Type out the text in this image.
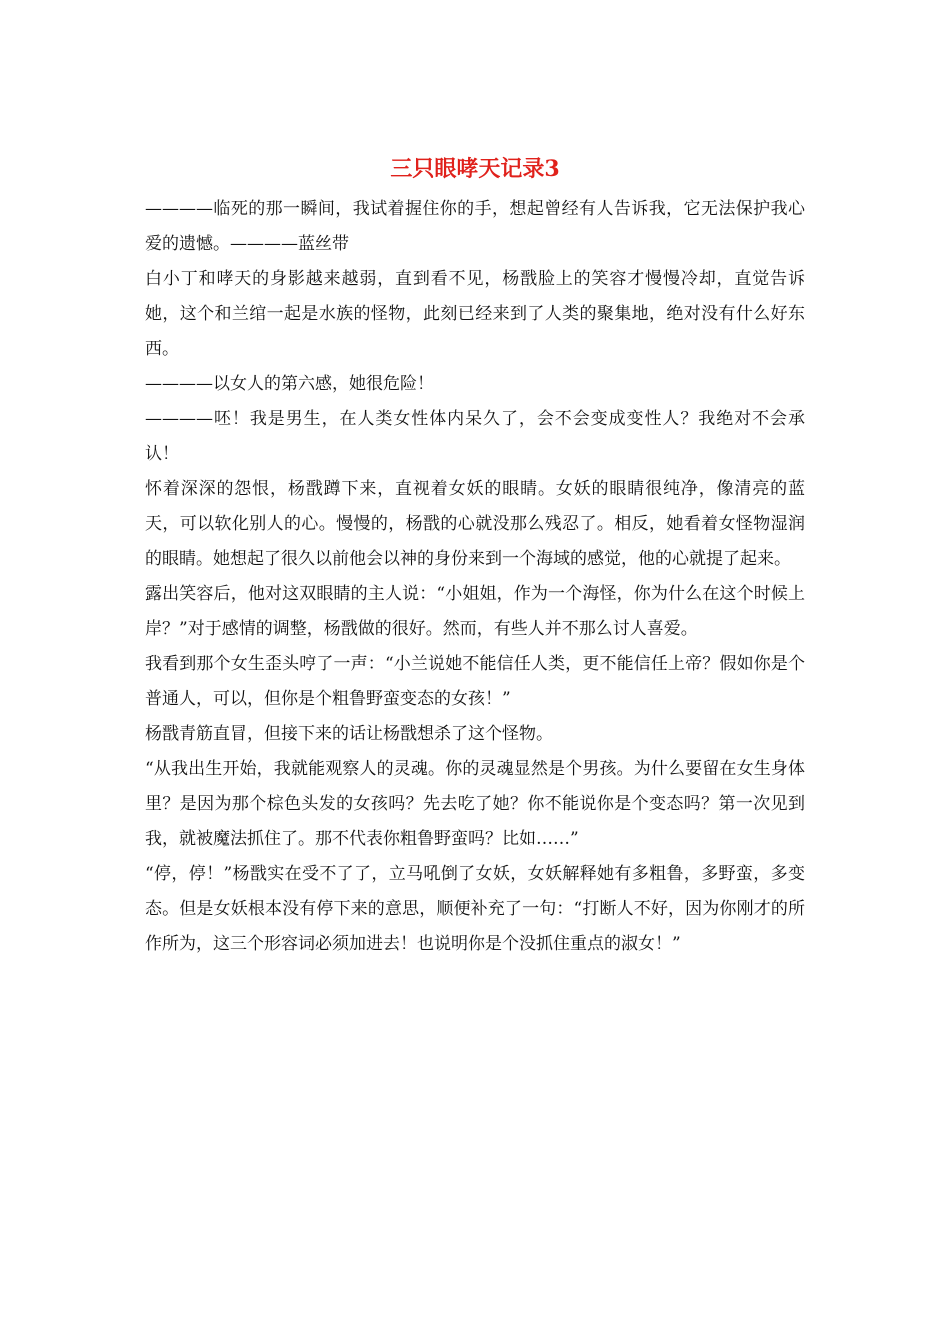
三只眼哮天记录3

————临死的那一瞬间，我试着握住你的手，想起曾经有人告诉我，它无法保护我心爱的遗憾。————蓝丝带

白小丁和哮天的身影越来越弱，直到看不见，杨戬脸上的笑容才慢慢冷却，直觉告诉她，这个和兰绾一起是水族的怪物，此刻已经来到了人类的聚集地，绝对没有什么好东西。

————以女人的第六感，她很危险！

————呸！我是男生，在人类女性体内呆久了，会不会变成变性人？我绝对不会承认！

怀着深深的怨恨，杨戬蹲下来，直视着女妖的眼睛。女妖的眼睛很纯净，像清亮的蓝天，可以软化别人的心。慢慢的，杨戬的心就没那么残忍了。相反，她看着女怪物湿润的眼睛。她想起了很久以前他会以神的身份来到一个海域的感觉，他的心就提了起来。

露出笑容后，他对这双眼睛的主人说：“小姐姐，作为一个海怪，你为什么在这个时候上岸？”对于感情的调整，杨戬做的很好。然而，有些人并不那么讨人喜爱。

我看到那个女生歪头哼了一声：“小兰说她不能信任人类，更不能信任上帝？假如你是个普通人，可以，但你是个粗鲁野蛮变态的女孩！”

杨戬青筋直冒，但接下来的话让杨戬想杀了这个怪物。

“从我出生开始，我就能观察人的灵魂。你的灵魂显然是个男孩。为什么要留在女生身体里？是因为那个棕色头发的女孩吗？先去吃了她？你不能说你是个变态吗？第一次见到我，就被魔法抓住了。那不代表你粗鲁野蛮吗？比如……”

“停，停！”杨戬实在受不了了，立马吼倒了女妖，女妖解释她有多粗鲁，多野蛮，多变态。但是女妖根本没有停下来的意思，顺便补充了一句：“打断人不好，因为你刚才的所作所为，这三个形容词必须加进去！也说明你是个没抓住重点的淑女！”
